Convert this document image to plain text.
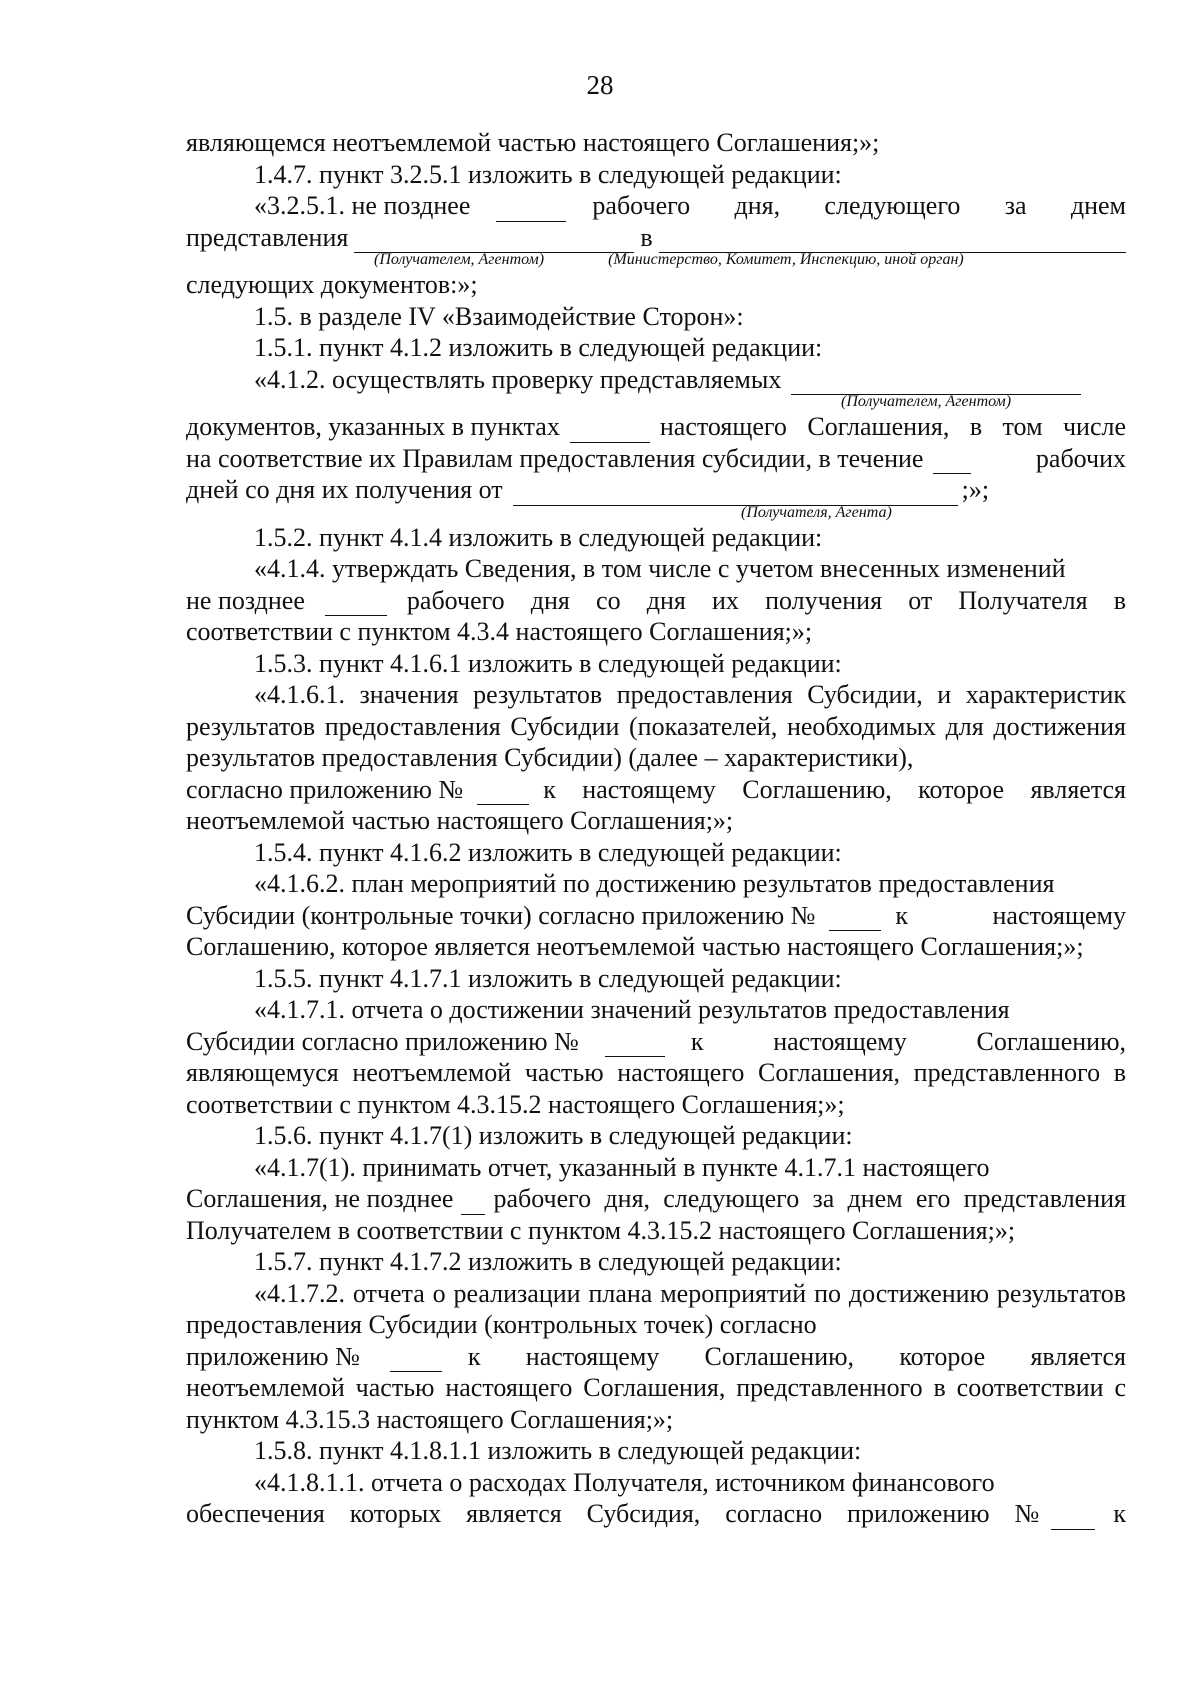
28

являющемся неотъемлемой частью настоящего Соглашения;»;

1.4.7. пункт 3.2.5.1 изложить в следующей редакции:

«3.2.5.1. не позднее	рабочего дня, следующего за днем
представления	в
(Получателем, Агентом)	(Министерство, Комитет, Инспекцию, иной орган)

следующих документов:»;

1.5. в разделе IV «Взаимодействие Сторон»:

1.5.1. пункт 4.1.2 изложить в следующей редакции:

«4.1.2. осуществлять проверку представляемых
(Получателем, Агентом)
документов, указанных в пунктах	настоящего Соглашения, в том числе
на соответствие их Правилам предоставления субсидии, в течение	рабочих
дней со дня их получения от	;»;
(Получателя, Агента)

1.5.2. пункт 4.1.4 изложить в следующей редакции:

«4.1.4. утверждать Сведения, в том числе с учетом внесенных изменений

не позднее	рабочего дня со дня их получения от Получателя в

соответствии с пунктом 4.3.4 настоящего Соглашения;»;

1.5.3. пункт 4.1.6.1 изложить в следующей редакции:

«4.1.6.1. значения результатов предоставления Субсидии, и характеристик результатов предоставления Субсидии (показателей, необходимых для достижения результатов предоставления Субсидии) (далее – характеристики),

согласно приложению №	к настоящему Соглашению, которое является

неотъемлемой частью настоящего Соглашения;»;

1.5.4. пункт 4.1.6.2 изложить в следующей редакции:

«4.1.6.2. план мероприятий по достижению результатов предоставления

Субсидии (контрольные точки) согласно приложению №	к настоящему

Соглашению, которое является неотъемлемой частью настоящего Соглашения;»;

1.5.5. пункт 4.1.7.1 изложить в следующей редакции:

«4.1.7.1. отчета о достижении значений результатов предоставления

Субсидии согласно приложению №	к настоящему Соглашению,

являющемуся неотъемлемой частью настоящего Соглашения, представленного в соответствии с пунктом 4.3.15.2 настоящего Соглашения;»;

1.5.6. пункт 4.1.7(1) изложить в следующей редакции:

«4.1.7(1). принимать отчет, указанный в пункте 4.1.7.1 настоящего

Соглашения, не позднее рабочего дня, следующего за днем его представления

Получателем в соответствии с пунктом 4.3.15.2 настоящего Соглашения;»;

1.5.7. пункт 4.1.7.2 изложить в следующей редакции:

«4.1.7.2. отчета о реализации плана мероприятий по достижению результатов предоставления Субсидии (контрольных точек) согласно

приложению №	к настоящему Соглашению, которое является

неотъемлемой частью настоящего Соглашения, представленного в соответствии с пунктом 4.3.15.3 настоящего Соглашения;»;

1.5.8. пункт 4.1.8.1.1 изложить в следующей редакции:

«4.1.8.1.1. отчета о расходах Получателя, источником финансового

обеспечения которых является Субсидия, согласно приложению №	к
